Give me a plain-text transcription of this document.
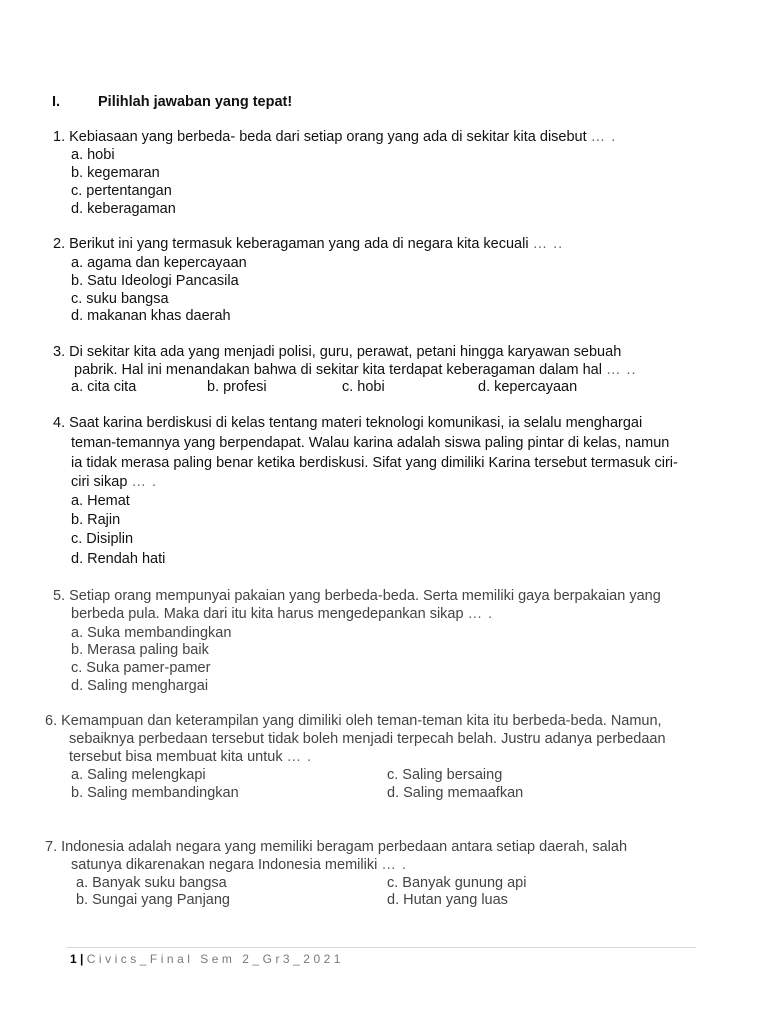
I.	Pilihlah jawaban yang tepat!
1. Kebiasaan yang berbeda- beda dari setiap orang yang ada di sekitar kita disebut … .
a. hobi
b. kegemaran
c. pertentangan
d. keberagaman
2. Berikut ini yang termasuk keberagaman yang ada di negara kita kecuali … ..
a. agama dan kepercayaan
b. Satu Ideologi Pancasila
c. suku bangsa
d. makanan khas daerah
3. Di sekitar kita ada yang menjadi polisi, guru, perawat, petani hingga karyawan sebuah
pabrik. Hal ini menandakan bahwa di sekitar kita terdapat keberagaman dalam hal … ..
a. cita cita	b. profesi	c. hobi	d. kepercayaan
4. Saat karina berdiskusi di kelas tentang materi teknologi komunikasi, ia selalu menghargai
teman-temannya yang berpendapat. Walau karina adalah siswa paling pintar di kelas, namun
ia tidak merasa paling benar ketika berdiskusi. Sifat yang dimiliki Karina tersebut termasuk ciri-
ciri sikap … .
a. Hemat
b. Rajin
c. Disiplin
d. Rendah hati
5. Setiap orang mempunyai pakaian yang berbeda-beda. Serta memiliki gaya berpakaian yang
berbeda pula. Maka dari itu kita harus mengedepankan sikap … .
a. Suka membandingkan
b. Merasa paling baik
c. Suka pamer-pamer
d. Saling menghargai
6. Kemampuan dan keterampilan yang dimiliki oleh teman-teman kita itu berbeda-beda. Namun,
sebaiknya perbedaan tersebut tidak boleh menjadi terpecah belah. Justru adanya perbedaan
tersebut bisa membuat kita untuk … .
a. Saling melengkapi	c. Saling bersaing
b. Saling membandingkan	d. Saling memaafkan
7. Indonesia adalah negara yang memiliki beragam perbedaan antara setiap daerah, salah
satunya dikarenakan negara Indonesia memiliki … .
a. Banyak suku bangsa	c. Banyak gunung api
b. Sungai yang Panjang	d. Hutan yang luas
1 | Civics_Final Sem 2_Gr3_2021
